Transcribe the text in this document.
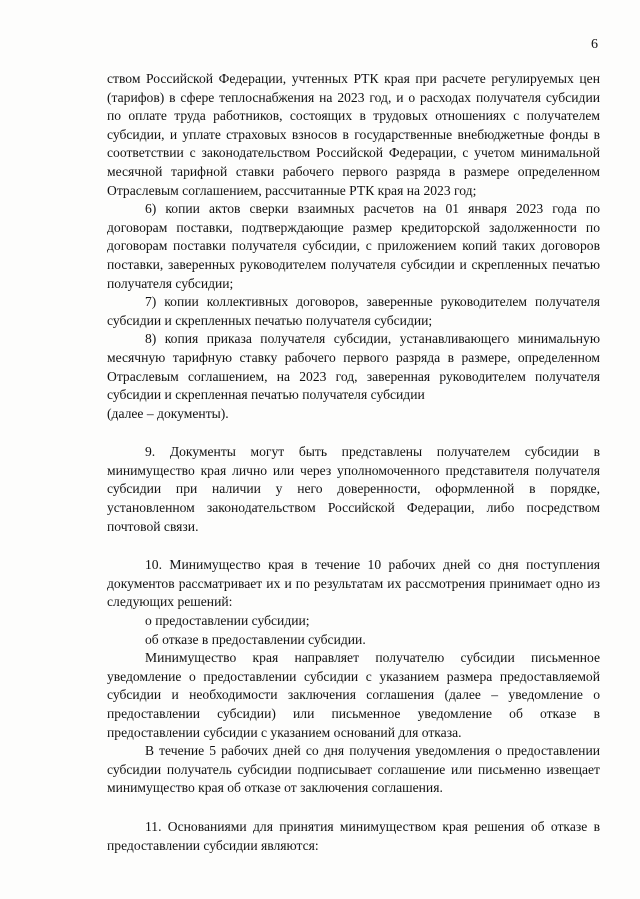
6

ством Российской Федерации, учтенных РТК края при расчете регулируемых цен (тарифов) в сфере теплоснабжения на 2023 год, и о расходах получателя субсидии по оплате труда работников, состоящих в трудовых отношениях с получателем субсидии, и уплате страховых взносов в государственные внебюджетные фонды в соответствии с законодательством Российской Федерации, с учетом минимальной месячной тарифной ставки рабочего первого разряда в размере определенном Отраслевым соглашением, рассчитанные РТК края на 2023 год;

6) копии актов сверки взаимных расчетов на 01 января 2023 года по договорам поставки, подтверждающие размер кредиторской задолженности по договорам поставки получателя субсидии, с приложением копий таких договоров поставки, заверенных руководителем получателя субсидии и скрепленных печатью получателя субсидии;

7) копии коллективных договоров, заверенные руководителем получателя субсидии и скрепленных печатью получателя субсидии;

8) копия приказа получателя субсидии, устанавливающего минимальную месячную тарифную ставку рабочего первого разряда в размере, определенном Отраслевым соглашением, на 2023 год, заверенная руководителем получателя субсидии и скрепленная печатью получателя субсидии

(далее – документы).

9. Документы могут быть представлены получателем субсидии в минимущество края лично или через уполномоченного представителя получателя субсидии при наличии у него доверенности, оформленной в порядке, установленном законодательством Российской Федерации, либо посредством почтовой связи.

10. Минимущество края в течение 10 рабочих дней со дня поступления документов рассматривает их и по результатам их рассмотрения принимает одно из следующих решений:

о предоставлении субсидии;

об отказе в предоставлении субсидии.

Минимущество края направляет получателю субсидии письменное уведомление о предоставлении субсидии с указанием размера предоставляемой субсидии и необходимости заключения соглашения (далее – уведомление о предоставлении субсидии) или письменное уведомление об отказе в предоставлении субсидии с указанием оснований для отказа.

В течение 5 рабочих дней со дня получения уведомления о предоставлении субсидии получатель субсидии подписывает соглашение или письменно извещает минимущество края об отказе от заключения соглашения.

11. Основаниями для принятия минимуществом края решения об отказе в предоставлении субсидии являются:
